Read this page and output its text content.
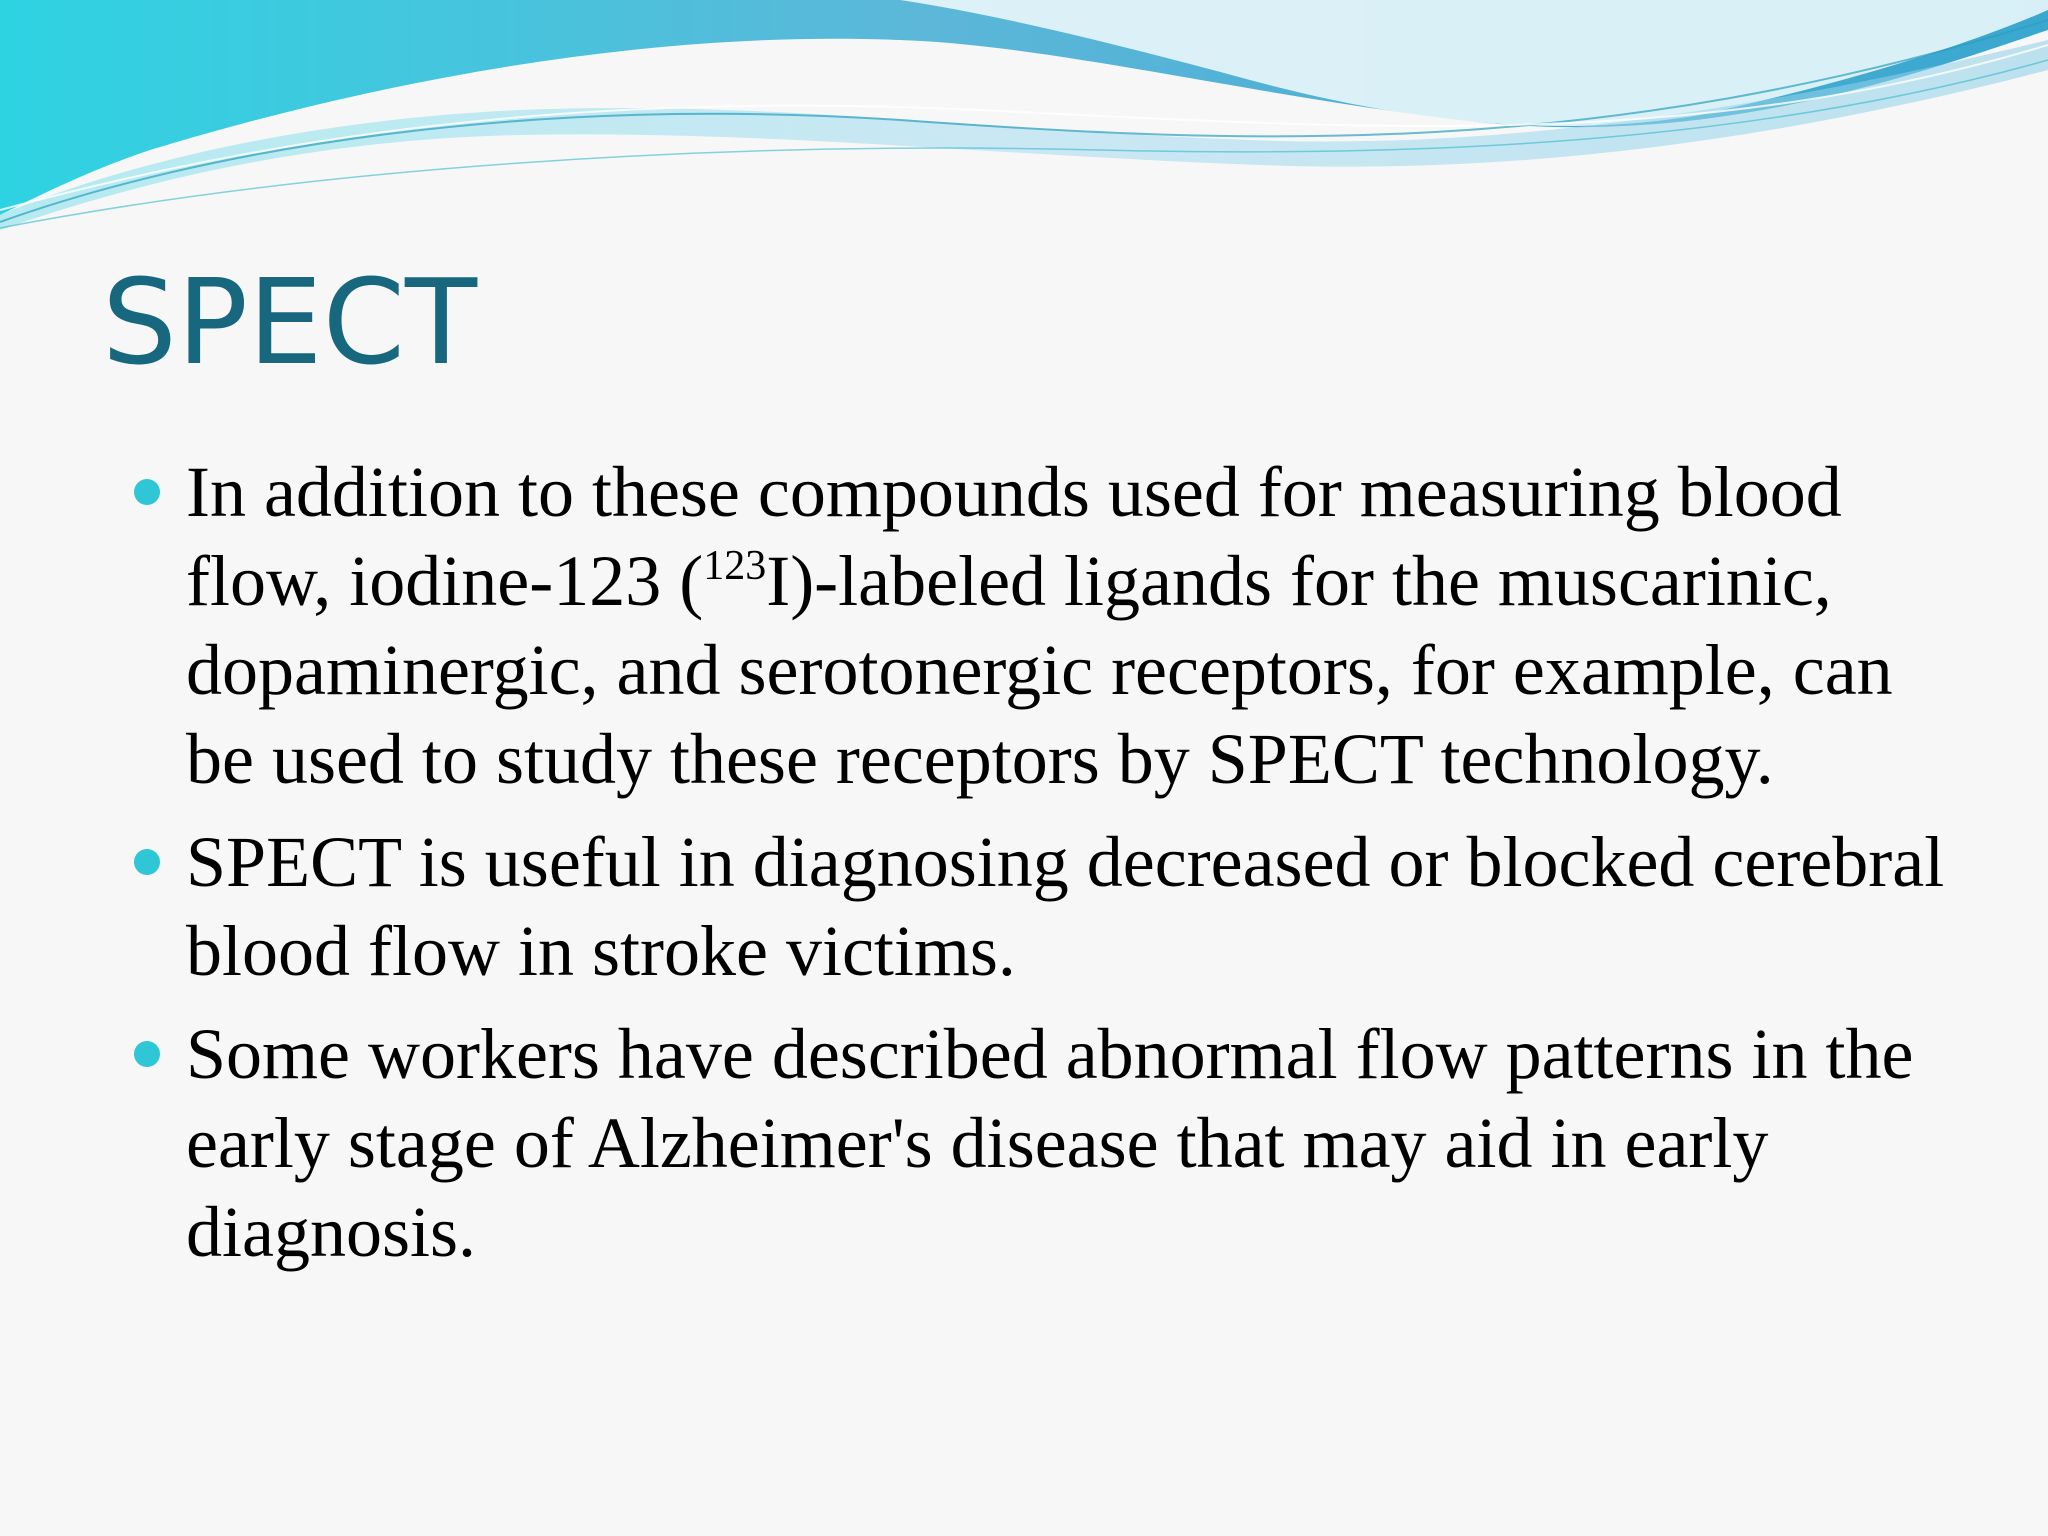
SPECT
In addition to these compounds used for measuring blood flow, iodine-123 ($^{123}$I)-labeled ligands for the muscarinic, dopaminergic, and serotonergic receptors, for example, can be used to study these receptors by SPECT technology.
SPECT is useful in diagnosing decreased or blocked cerebral blood flow in stroke victims.
Some workers have described abnormal flow patterns in the early stage of Alzheimer's disease that may aid in early diagnosis.
